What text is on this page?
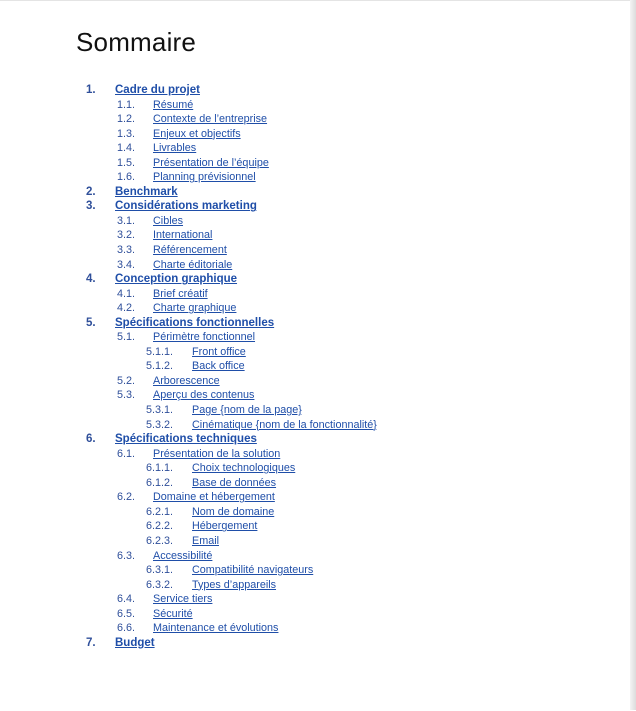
Sommaire
1. Cadre du projet
1.1. Résumé
1.2. Contexte de l’entreprise
1.3. Enjeux et objectifs
1.4. Livrables
1.5. Présentation de l’équipe
1.6. Planning prévisionnel
2. Benchmark
3. Considérations marketing
3.1. Cibles
3.2. International
3.3. Référencement
3.4. Charte éditoriale
4. Conception graphique
4.1. Brief créatif
4.2. Charte graphique
5. Spécifications fonctionnelles
5.1. Périmètre fonctionnel
5.1.1. Front office
5.1.2. Back office
5.2. Arborescence
5.3. Aperçu des contenus
5.3.1. Page {nom de la page}
5.3.2. Cinématique {nom de la fonctionnalité}
6. Spécifications techniques
6.1. Présentation de la solution
6.1.1. Choix technologiques
6.1.2. Base de données
6.2. Domaine et hébergement
6.2.1. Nom de domaine
6.2.2. Hébergement
6.2.3. Email
6.3. Accessibilité
6.3.1. Compatibilité navigateurs
6.3.2. Types d’appareils
6.4. Service tiers
6.5. Sécurité
6.6. Maintenance et évolutions
7. Budget
